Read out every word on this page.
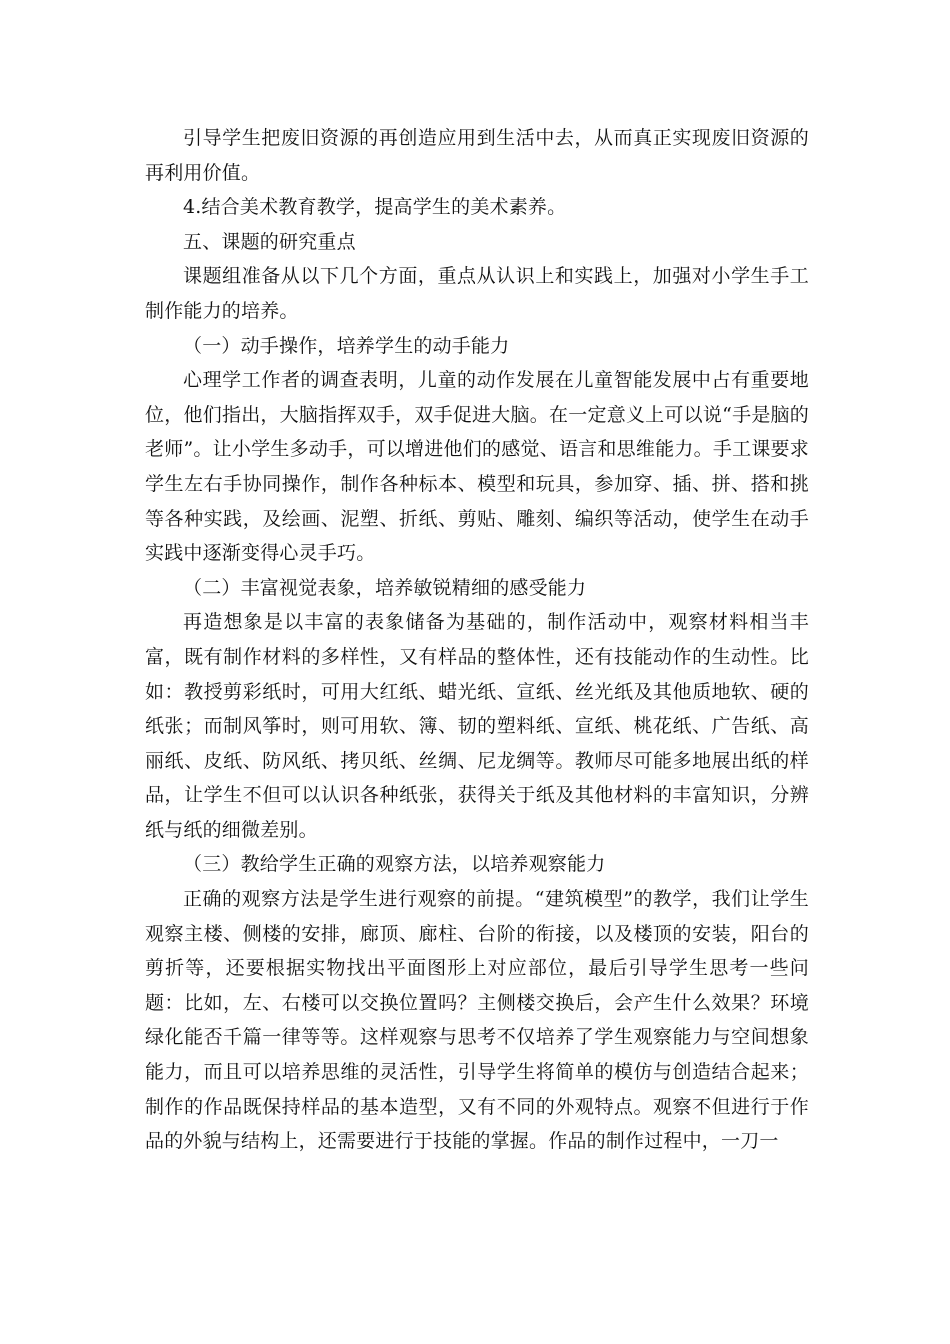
引导学生把废旧资源的再创造应用到生活中去，从而真正实现废旧资源的再利用价值。

4.结合美术教育教学，提高学生的美术素养。

五、课题的研究重点

课题组准备从以下几个方面，重点从认识上和实践上，加强对小学生手工制作能力的培养。

（一）动手操作，培养学生的动手能力

心理学工作者的调查表明，儿童的动作发展在儿童智能发展中占有重要地位，他们指出，大脑指挥双手，双手促进大脑。在一定意义上可以说“手是脑的老师”。让小学生多动手，可以增进他们的感觉、语言和思维能力。手工课要求学生左右手协同操作，制作各种标本、模型和玩具，参加穿、插、拼、搭和挑等各种实践，及绘画、泥塑、折纸、剪贴、雕刻、编织等活动，使学生在动手实践中逐渐变得心灵手巧。

（二）丰富视觉表象，培养敏锐精细的感受能力

再造想象是以丰富的表象储备为基础的，制作活动中，观察材料相当丰富，既有制作材料的多样性，又有样品的整体性，还有技能动作的生动性。比如：教授剪彩纸时，可用大红纸、蜡光纸、宣纸、丝光纸及其他质地软、硬的纸张；而制风筝时，则可用软、簿、韧的塑料纸、宣纸、桃花纸、广告纸、高丽纸、皮纸、防风纸、拷贝纸、丝绸、尼龙绸等。教师尽可能多地展出纸的样品，让学生不但可以认识各种纸张，获得关于纸及其他材料的丰富知识，分辨纸与纸的细微差别。

（三）教给学生正确的观察方法，以培养观察能力

正确的观察方法是学生进行观察的前提。“建筑模型”的教学，我们让学生观察主楼、侧楼的安排，廊顶、廊柱、台阶的衔接，以及楼顶的安装，阳台的剪折等，还要根据实物找出平面图形上对应部位，最后引导学生思考一些问题：比如，左、右楼可以交换位置吗？主侧楼交换后，会产生什么效果？环境绿化能否千篇一律等等。这样观察与思考不仅培养了学生观察能力与空间想象能力，而且可以培养思维的灵活性，引导学生将简单的模仿与创造结合起来；制作的作品既保持样品的基本造型，又有不同的外观特点。观察不但进行于作品的外貌与结构上，还需要进行于技能的掌握。作品的制作过程中，一刀一
